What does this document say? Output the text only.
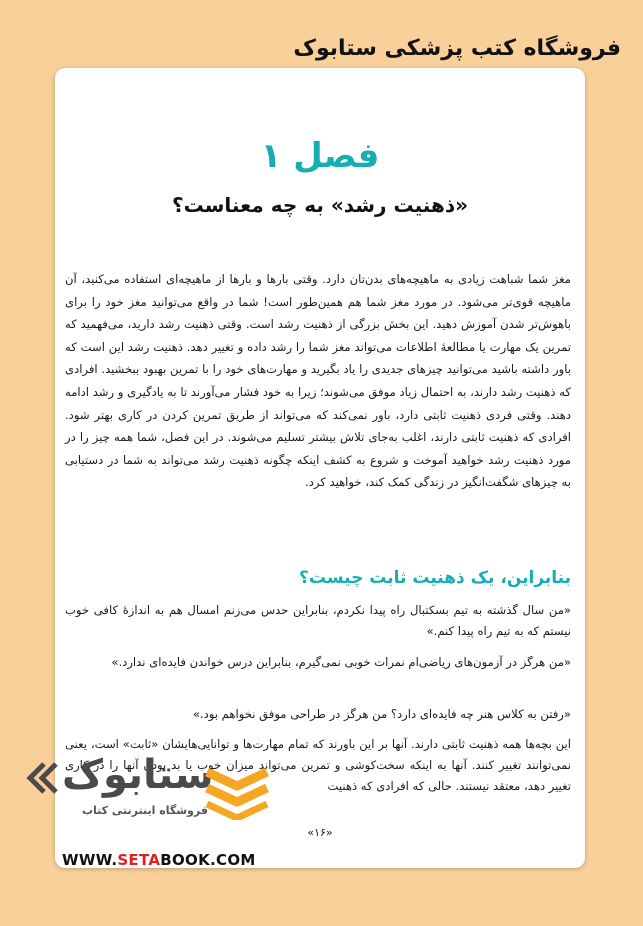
فروشگاه کتب پزشکی ستابوک
فصل ۱
«ذهنیت رشد» به چه معناست؟
مغز شما شباهت زیادی به ماهیچه‌های بدن‌تان دارد. وقتی بارها و بارها از ماهیچه‌ای استفاده می‌کنید، آن ماهیچه قوی‌تر می‌شود. در مورد مغز شما هم همین‌طور است! شما در واقع می‌توانید مغز خود را برای باهوش‌تر شدن آموزش دهید. این بخش بزرگی از ذهنیت رشد است. وقتی ذهنیت رشد دارید، می‌فهمید که تمرین یک مهارت یا مطالعهٔ اطلاعات می‌تواند مغز شما را رشد داده و تغییر دهد. ذهنیت رشد این است که باور داشته باشید می‌توانید چیزهای جدیدی را یاد بگیرید و مهارت‌های خود را با تمرین بهبود ببخشید. افرادی که ذهنیت رشد دارند، به احتمال زیاد موفق می‌شوند؛ زیرا به خود فشار می‌آورند تا به یادگیری و رشد ادامه دهند. وقتی فردی ذهنیت ثابتی دارد، باور نمی‌کند که می‌تواند از طریق تمرین کردن در کاری بهتر شود. افرادی که ذهنیت ثابتی دارند، اغلب به‌جای تلاش بیشتر تسلیم می‌شوند. در این فصل، شما همه چیز را در مورد ذهنیت رشد خواهید آموخت و شروع به کشف اینکه چگونه ذهنیت رشد می‌تواند به شما در دستیابی به چیزهای شگفت‌انگیز در زندگی کمک کند، خواهید کرد.
بنابراین، یک ذهنیت ثابت چیست؟
«من سال گذشته به تیم بسکتبال راه پیدا نکردم، بنابراین حدس می‌زنم امسال هم به اندازهٔ کافی خوب نیستم که به تیم راه پیدا کنم.»
«من هرگز در آزمون‌های ریاضی‌ام نمرات خوبی نمی‌گیرم، بنابراین درس خواندن فایده‌ای ندارد.»
«رفتن به کلاس هنر چه فایده‌ای دارد؟ من هرگز در طراحی موفق نخواهم بود.»
این بچه‌ها همه ذهنیت ثابتی دارند. آنها بر این باورند که تمام مهارت‌ها و توانایی‌هایشان «ثابت» است، یعنی نمی‌توانند تغییر کنند. آنها به اینکه سخت‌کوشی و تمرین می‌تواند میزان خوب یا بد بودن آنها را در کاری تغییر دهد، معتقد نیستند. حالی که افرادی که ذهنیت
«۱۶»
ستابوک
فروشگاه اینترنتی کتاب
WWW.SETABOOK.COM
